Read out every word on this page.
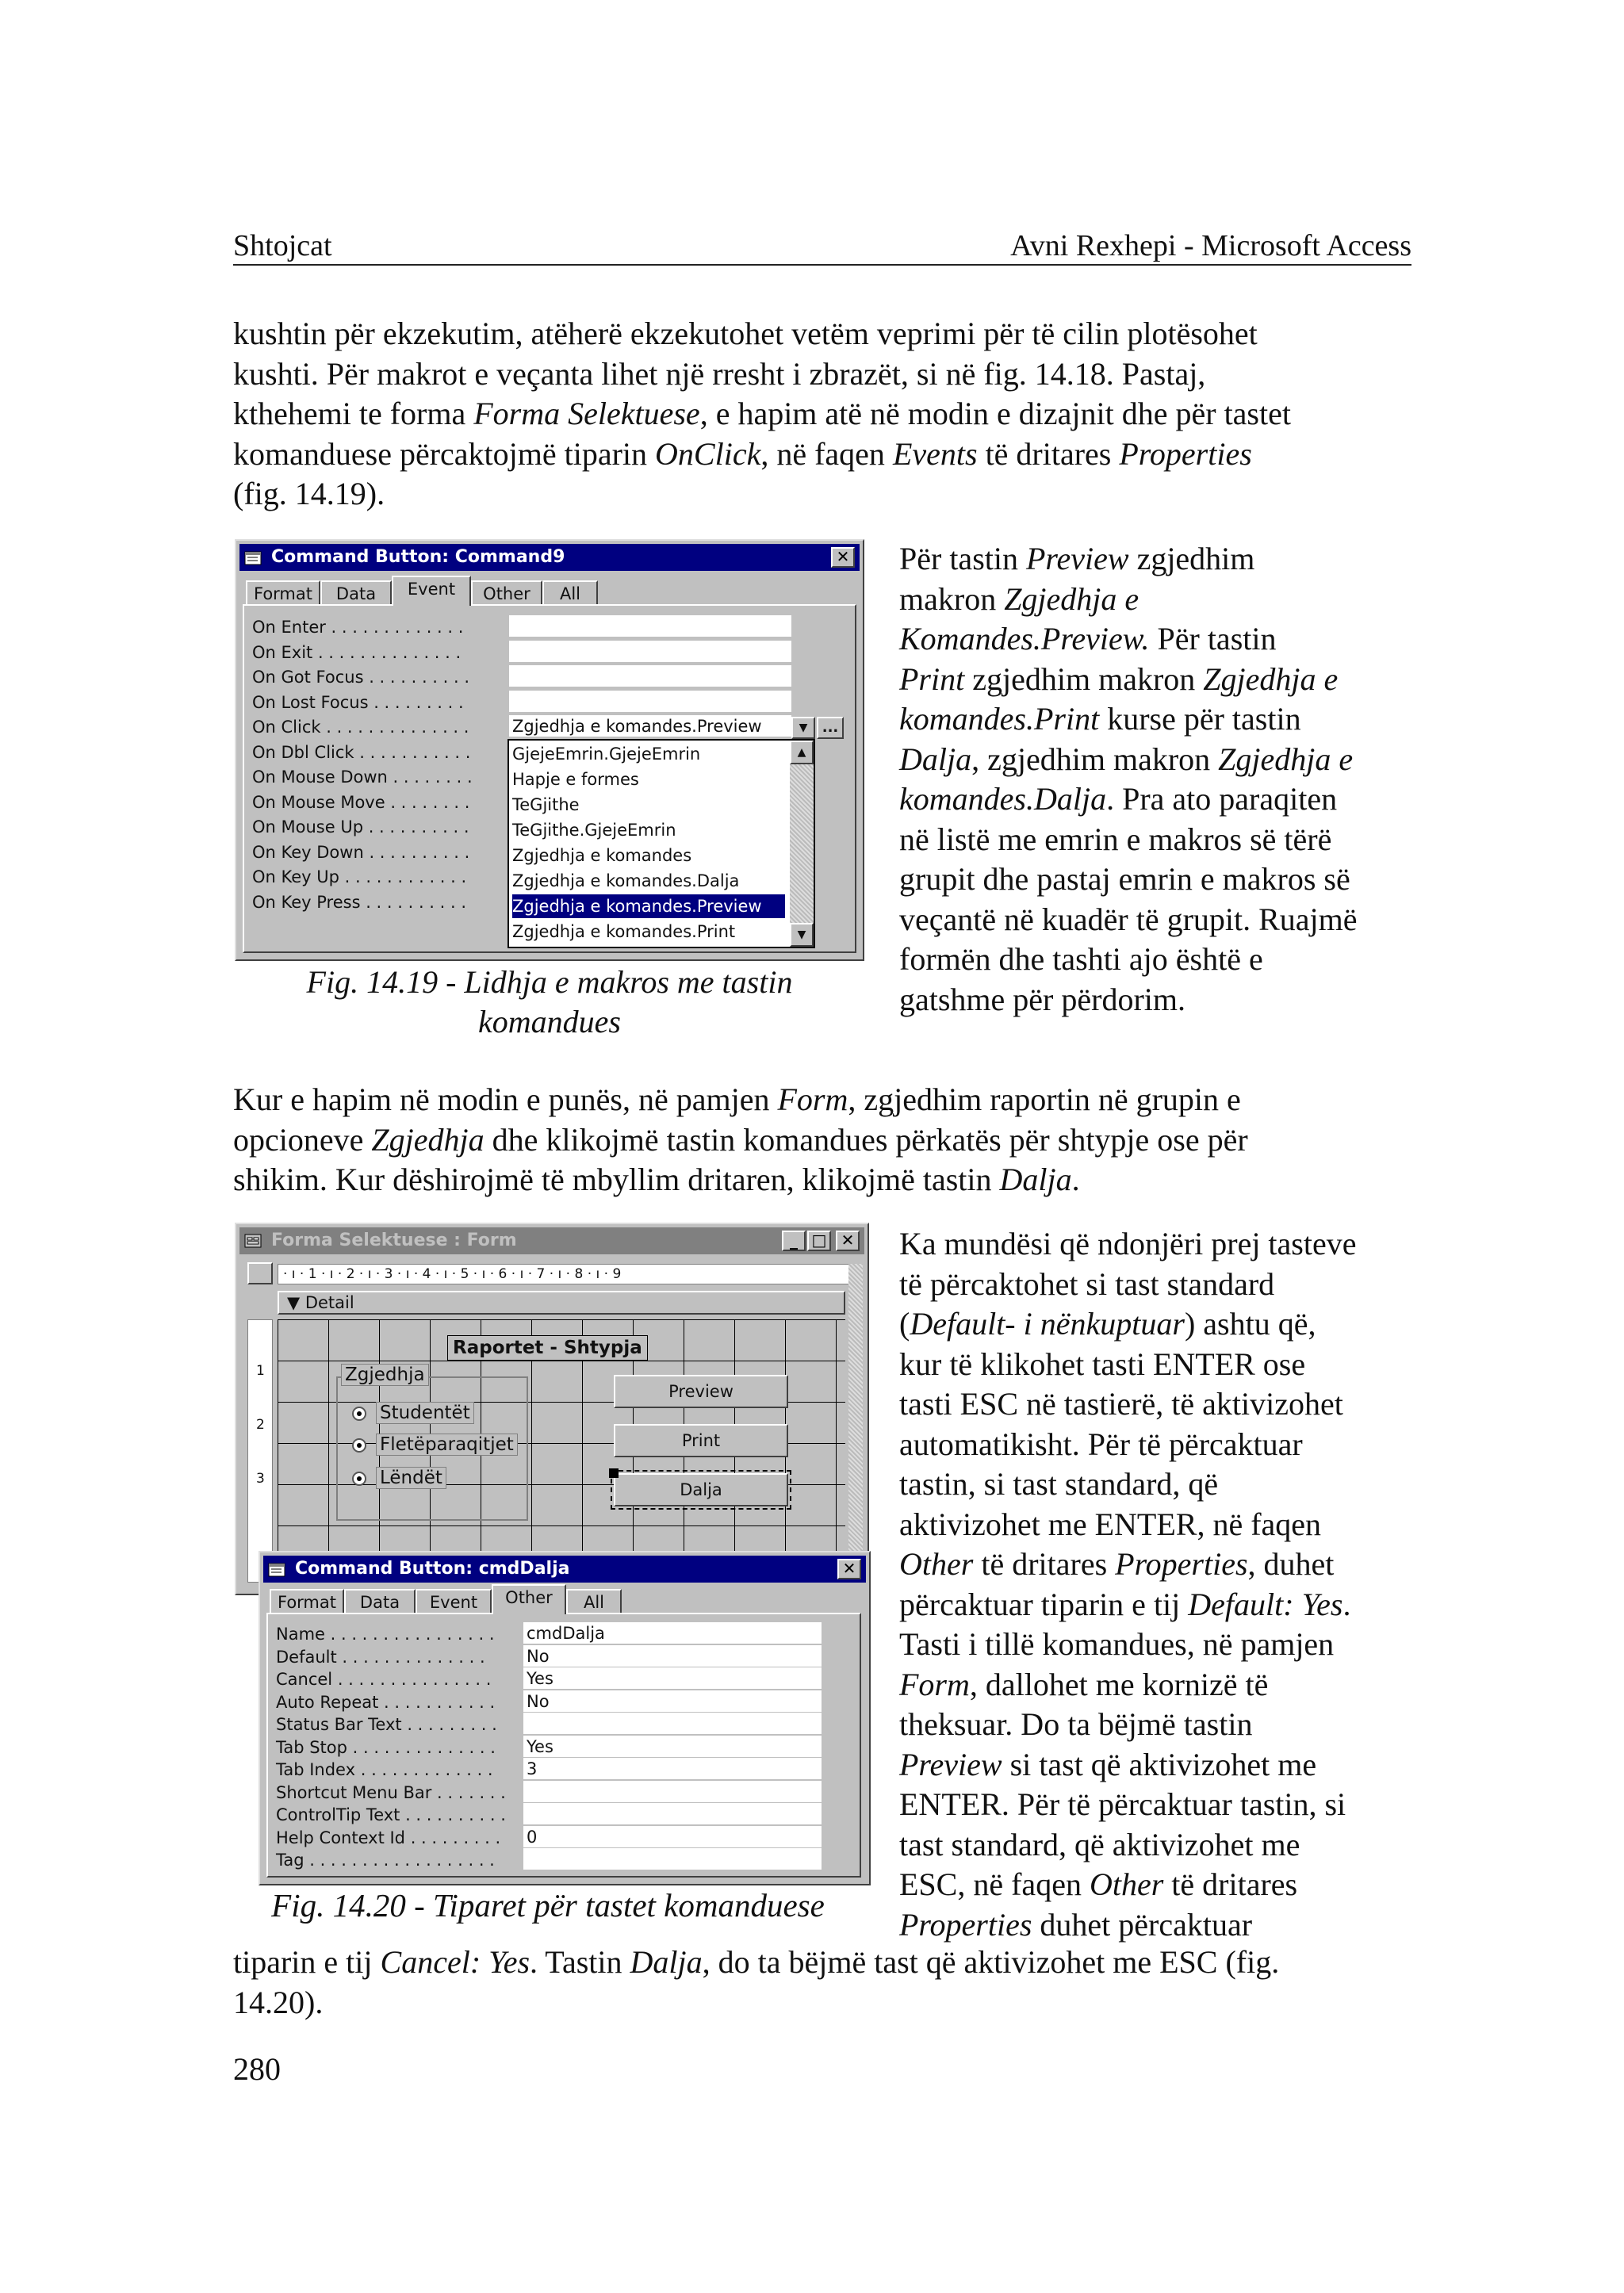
Shtojcat	Avni Rexhepi - Microsoft Access
kushtin për ekzekutim, atëherë ekzekutohet vetëm veprimi për të cilin plotësohet
kushti. Për makrot e veçanta lihet një rresht i zbrazët, si në fig. 14.18. Pastaj,
kthehemi te forma Forma Selektuese, e hapim atë në modin e dizajnit dhe për tastet
komanduese përcaktojmë tiparin OnClick, në faqen Events të dritares Properties
(fig. 14.19).
Command Button: Command9	✕
Format	Data	Event	Other	All
On Enter . . . . . . . . . . . . .
On Exit . . . . . . . . . . . . . .
On Got Focus . . . . . . . . . .
On Lost Focus . . . . . . . . .
On Click . . . . . . . . . . . . . .	Zgjedhja e komandes.Preview
On Dbl Click . . . . . . . . . . .
On Mouse Down . . . . . . . .
On Mouse Move . . . . . . . .
On Mouse Up . . . . . . . . . .
On Key Down . . . . . . . . . .
On Key Up . . . . . . . . . . . .
On Key Press . . . . . . . . . .
▼	...
GjejeEmrin.GjejeEmrin
Hapje e formes
TeGjithe
TeGjithe.GjejeEmrin
Zgjedhja e komandes
Zgjedhja e komandes.Dalja
Zgjedhja e komandes.Preview
Zgjedhja e komandes.Print
▲
▼
Fig. 14.19 - Lidhja e makros me tastin
komandues
Për tastin Preview zgjedhim
makron Zgjedhja e
Komandes.Preview. Për tastin
Print zgjedhim makron Zgjedhja e
komandes.Print kurse për tastin
Dalja, zgjedhim makron Zgjedhja e
komandes.Dalja. Pra ato paraqiten
në listë me emrin e makros së tërë
grupit dhe pastaj emrin e makros së
veçantë në kuadër të grupit. Ruajmë
formën dhe tashti ajo është e
gatshme për përdorim.
Kur e hapim në modin e punës, në pamjen Form, zgjedhim raportin në grupin e
opcioneve Zgjedhja dhe klikojmë tastin komandues përkatës për shtypje ose për
shikim. Kur dëshirojmë të mbyllim dritaren, klikojmë tastin Dalja.
Forma Selektuese : Form	_ □ ✕
· ı · 1 · ı · 2 · ı · 3 · ı · 4 · ı · 5 · ı · 6 · ı · 7 · ı · 8 · ı · 9
▼ Detail
1
2
3
Raportet - Shtypja
Zgjedhja
Studentët
Fletëparaqitjet
Lëndët
Preview
Print
Dalja
Command Button: cmdDalja	✕
Format	Data	Event	Other	All
Name . . . . . . . . . . . . . . . . cmdDalja
Default . . . . . . . . . . . . . . No
Cancel . . . . . . . . . . . . . . . Yes
Auto Repeat . . . . . . . . . . . No
Status Bar Text . . . . . . . . .
Tab Stop . . . . . . . . . . . . . . Yes
Tab Index . . . . . . . . . . . . . 3
Shortcut Menu Bar . . . . . . .
ControlTip Text . . . . . . . . . .
Help Context Id . . . . . . . . . 0
Tag . . . . . . . . . . . . . . . . . .
Fig. 14.20 - Tiparet për tastet komanduese
Ka mundësi që ndonjëri prej tasteve
të përcaktohet si tast standard
(Default- i nënkuptuar) ashtu që,
kur të klikohet tasti ENTER ose
tasti ESC në tastierë, të aktivizohet
automatikisht. Për të përcaktuar
tastin, si tast standard, që
aktivizohet me ENTER, në faqen
Other të dritares Properties, duhet
përcaktuar tiparin e tij Default: Yes.
Tasti i tillë komandues, në pamjen
Form, dallohet me kornizë të
theksuar. Do ta bëjmë tastin
Preview si tast që aktivizohet me
ENTER. Për të përcaktuar tastin, si
tast standard, që aktivizohet me
ESC, në faqen Other të dritares
Properties duhet përcaktuar
tiparin e tij Cancel: Yes. Tastin Dalja, do ta bëjmë tast që aktivizohet me ESC (fig.
14.20).
280
